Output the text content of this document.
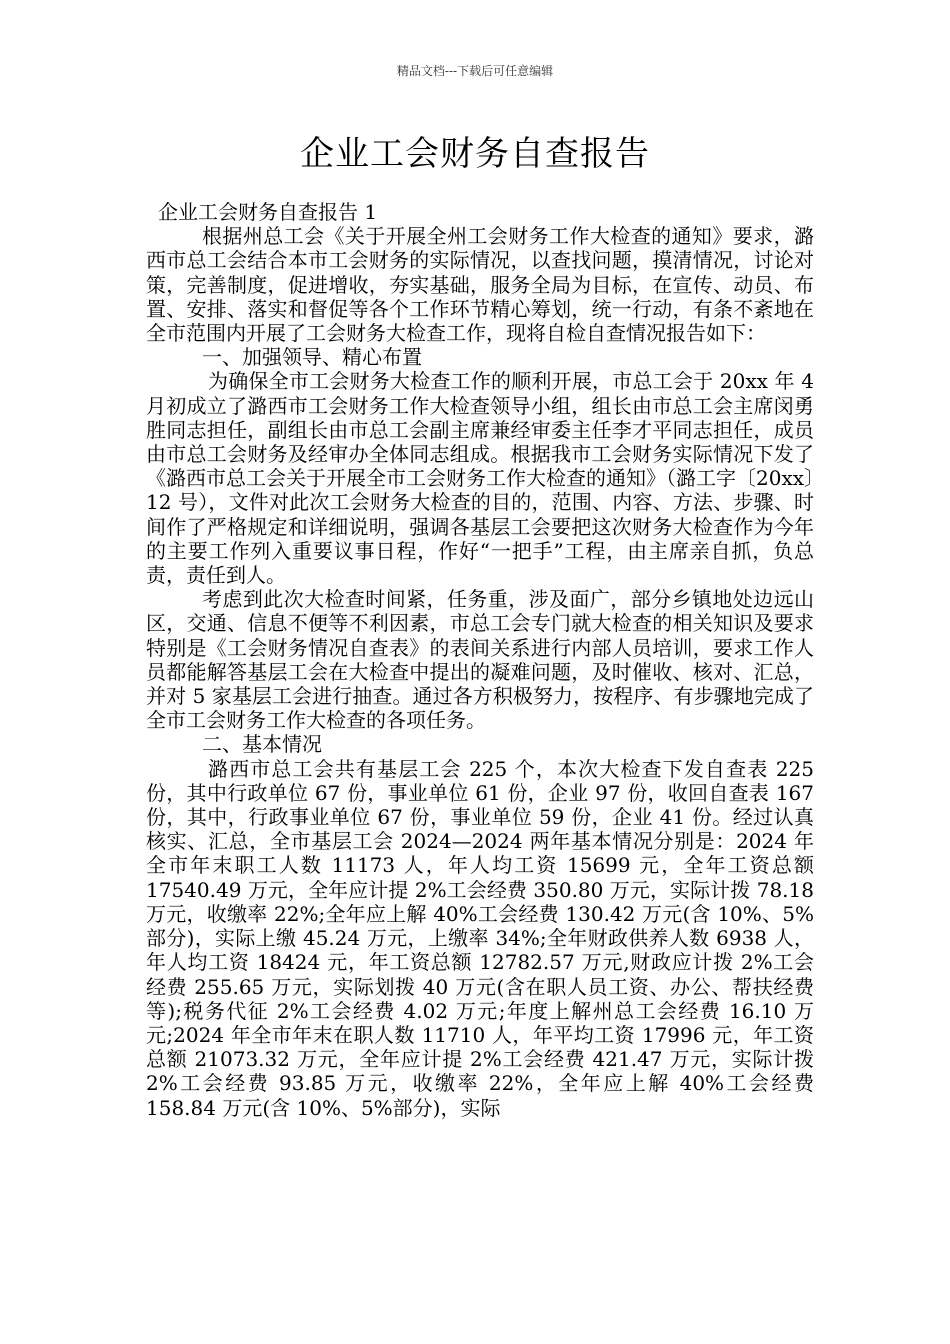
精品文档---下载后可任意编辑
企业工会财务自查报告

企业工会财务自查报告 1

根据州总工会《关于开展全州工会财务工作大检查的通知》要求，潞西市总工会结合本市工会财务的实际情况，以查找问题，摸清情况，讨论对策，完善制度，促进增收，夯实基础，服务全局为目标，在宣传、动员、布置、安排、落实和督促等各个工作环节精心筹划，统一行动，有条不紊地在全市范围内开展了工会财务大检查工作，现将自检自查情况报告如下：

一、加强领导、精心布置

为确保全市工会财务大检查工作的顺利开展，市总工会于 20xx 年 4 月初成立了潞西市工会财务工作大检查领导小组，组长由市总工会主席闵勇胜同志担任，副组长由市总工会副主席兼经审委主任李才平同志担任，成员由市总工会财务及经审办全体同志组成。根据我市工会财务实际情况下发了《潞西市总工会关于开展全市工会财务工作大检查的通知》（潞工字〔20xx〕12 号），文件对此次工会财务大检查的目的，范围、内容、方法、步骤、时间作了严格规定和详细说明，强调各基层工会要把这次财务大检查作为今年的主要工作列入重要议事日程，作好“一把手”工程，由主席亲自抓，负总责，责任到人。

考虑到此次大检查时间紧，任务重，涉及面广，部分乡镇地处边远山区，交通、信息不便等不利因素，市总工会专门就大检查的相关知识及要求特别是《工会财务情况自查表》的表间关系进行内部人员培训，要求工作人员都能解答基层工会在大检查中提出的凝难问题，及时催收、核对、汇总，并对 5 家基层工会进行抽查。通过各方积极努力，按程序、有步骤地完成了全市工会财务工作大检查的各项任务。

二、基本情况

潞西市总工会共有基层工会 225 个，本次大检查下发自查表 225 份，其中行政单位 67 份，事业单位 61 份，企业 97 份，收回自查表 167 份，其中，行政事业单位 67 份，事业单位 59 份，企业 41 份。经过认真核实、汇总，全市基层工会 2024—2024 两年基本情况分别是：2024 年全市年末职工人数 11173 人，年人均工资 15699 元，全年工资总额 17540.49 万元，全年应计提 2%工会经费 350.80 万元，实际计拨 78.18 万元，收缴率 22%;全年应上解 40%工会经费 130.42 万元(含 10%、5%部分)，实际上缴 45.24 万元，上缴率 34%;全年财政供养人数 6938 人，年人均工资 18424 元，年工资总额 12782.57 万元,财政应计拨 2%工会经费 255.65 万元，实际划拨 40 万元(含在职人员工资、办公、帮扶经费等);税务代征 2%工会经费 4.02 万元;年度上解州总工会经费 16.10 万元;2024 年全市年末在职人数 11710 人，年平均工资 17996 元，年工资总额 21073.32 万元，全年应计提 2%工会经费 421.47 万元，实际计拨 2%工会经费 93.85 万元，收缴率 22%，全年应上解 40%工会经费 158.84 万元(含 10%、5%部分)，实际
